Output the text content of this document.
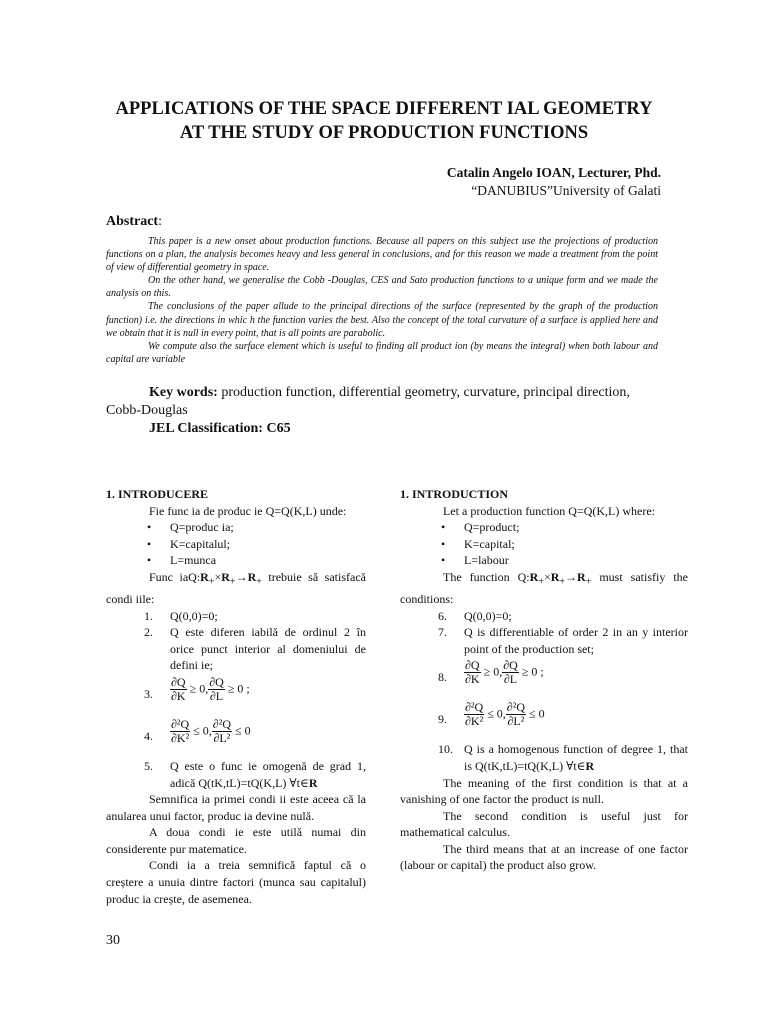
APPLICATIONS OF THE SPACE DIFFERENT IAL GEOMETRY
AT THE STUDY OF PRODUCTION FUNCTIONS
Catalin Angelo IOAN, Lecturer, Phd.
“DANUBIUS”University of Galati
Abstract:

This paper is a new onset about production functions. Because all papers on this subject use the projections of production functions on a plan, the analysis becomes heavy and less general in conclusions, and for this reason we made a treatment from the point of view of differential geometry in space.

On the other hand, we generalise the Cobb -Douglas, CES and Sato production functions to a unique form and we made the analysis on this.

The conclusions of the paper allude to the principal directions of the surface (represented by the graph of the production function) i.e. the directions in whic h the function varies the best. Also the concept of the total curvature of a surface is applied here and we obtain that it is null in every point, that is all points are parabolic.

We compute also the surface element which is useful to finding all product ion (by means the integral) when both labour and capital are variable

Key words: production function, differential geometry, curvature, principal direction,

Cobb-Douglas

JEL Classification: C65

1. INTRODUCERE

Fie func ia de produc ie Q=Q(K,L) unde:

• Q=produc ia;
• K=capitalul;
• L=munca

Func $iaQ:R_+\times R_+\to R_+$ trebuie să satisfacă condi iile:

1. Q(0,0)=0;
2. Q este diferen iabilă de ordinul 2 în orice punct interior al domeniului de defini ie;
3. $\frac{\partial Q}{\partial K} \ge 0$, $\frac{\partial Q}{\partial L} \ge 0$ ;
4. $\frac{\text{∂²Q}}{\text{∂K²}} \le 0$, $\frac{\text{∂²Q}}{\text{∂L²}} \le 0$
5. Q este o func ie omogenă de grad 1, adică Q(tK,tL)=tQ(K,L) ∀t∈R

Semnifica ia primei condi ii este aceea că la anularea unui factor, produc ia devine nulă.

A doua condi ie este utilă numai din considerente pur matematice.

Condi ia a treia semnifică faptul că o creștere a unuia dintre factori (munca sau capitalul) produc ia crește, de asemenea.

1. INTRODUCTION

Let a production function Q=Q(K,L) where:

• Q=product;
• K=capital;
• L=labour

The function $Q:R_+\times R_+\to R_+$ must satisfiy the conditions:

6. Q(0,0)=0;
7. Q is differentiable of order 2 in an y interior point of the production set;
8. $\frac{\partial Q}{\partial K} \ge 0$, $\frac{\partial Q}{\partial L} \ge 0$ ;
9. $\frac{\text{∂²Q}}{\text{∂K²}} \le 0$, $\frac{\text{∂²Q}}{\text{∂L²}} \le 0$
10. Q is a homogenous function of degree 1, that is Q(tK,tL)=tQ(K,L) ∀t∈R

The meaning of the first condition is that at a vanishing of one factor the product is null.

The second condition is useful just for mathematical calculus.

The third means that at an increase of one factor (labour or capital) the product also grow.

30
